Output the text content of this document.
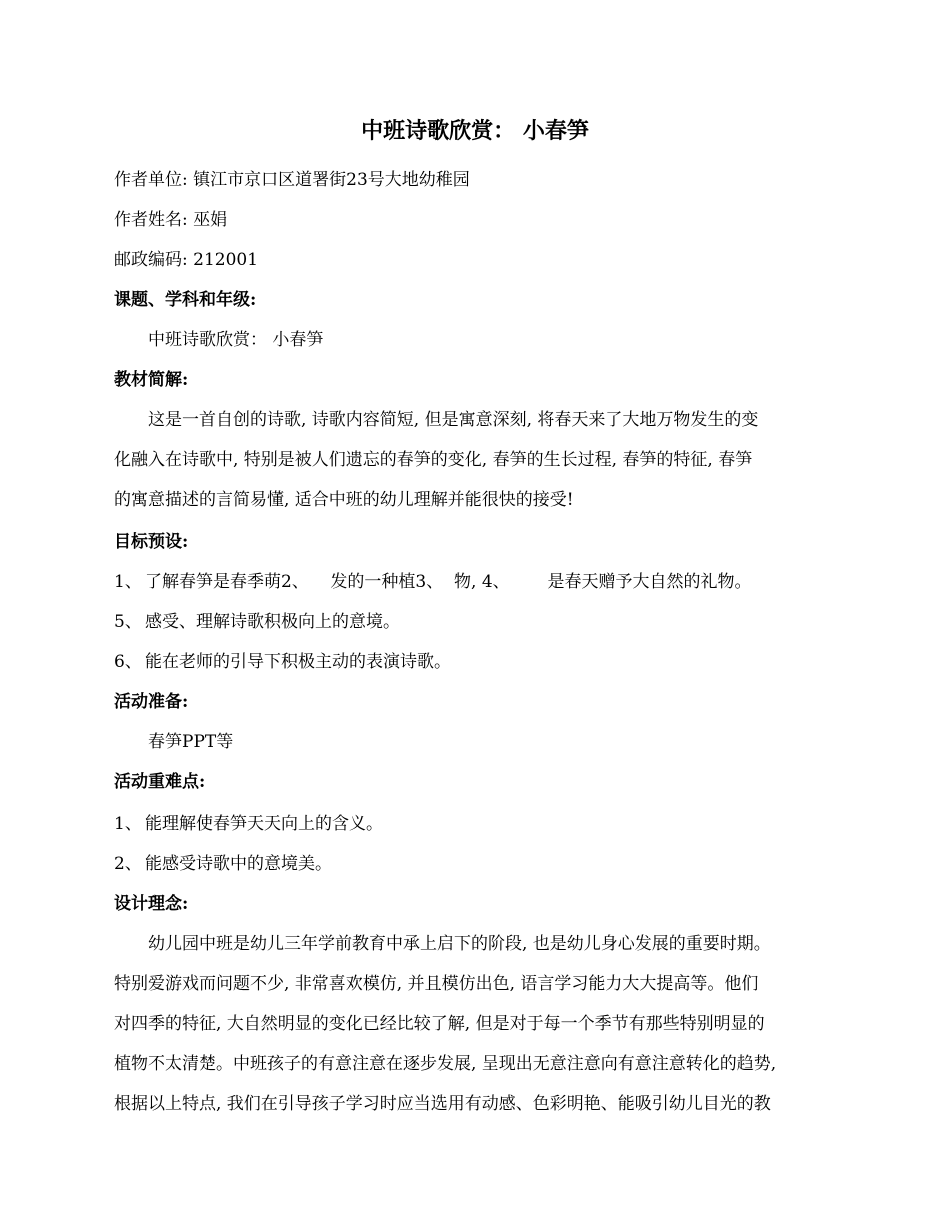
中班诗歌欣赏： 小春笋
作者单位: 镇江市京口区道署街23号大地幼稚园
作者姓名: 巫娟
邮政编码: 212001
课题、学科和年级:
中班诗歌欣赏： 小春笋
教材简解:
这是一首自创的诗歌, 诗歌内容简短, 但是寓意深刻, 将春天来了大地万物发生的变
化融入在诗歌中, 特别是被人们遗忘的春笋的变化, 春笋的生长过程, 春笋的特征, 春笋
的寓意描述的言简易懂, 适合中班的幼儿理解并能很快的接受!
目标预设:
1、 了解春笋是春季萌2、    发的一种植3、  物, 4、       是春天赠予大自然的礼物。
5、 感受、理解诗歌积极向上的意境。
6、 能在老师的引导下积极主动的表演诗歌。
活动准备:
春笋PPT等
活动重难点:
1、 能理解使春笋天天向上的含义。
2、 能感受诗歌中的意境美。
设计理念:
幼儿园中班是幼儿三年学前教育中承上启下的阶段, 也是幼儿身心发展的重要时期。
特别爱游戏而问题不少, 非常喜欢模仿, 并且模仿出色, 语言学习能力大大提高等。他们
对四季的特征, 大自然明显的变化已经比较了解, 但是对于每一个季节有那些特别明显的
植物不太清楚。中班孩子的有意注意在逐步发展, 呈现出无意注意向有意注意转化的趋势,
根据以上特点, 我们在引导孩子学习时应当选用有动感、色彩明艳、能吸引幼儿目光的教
